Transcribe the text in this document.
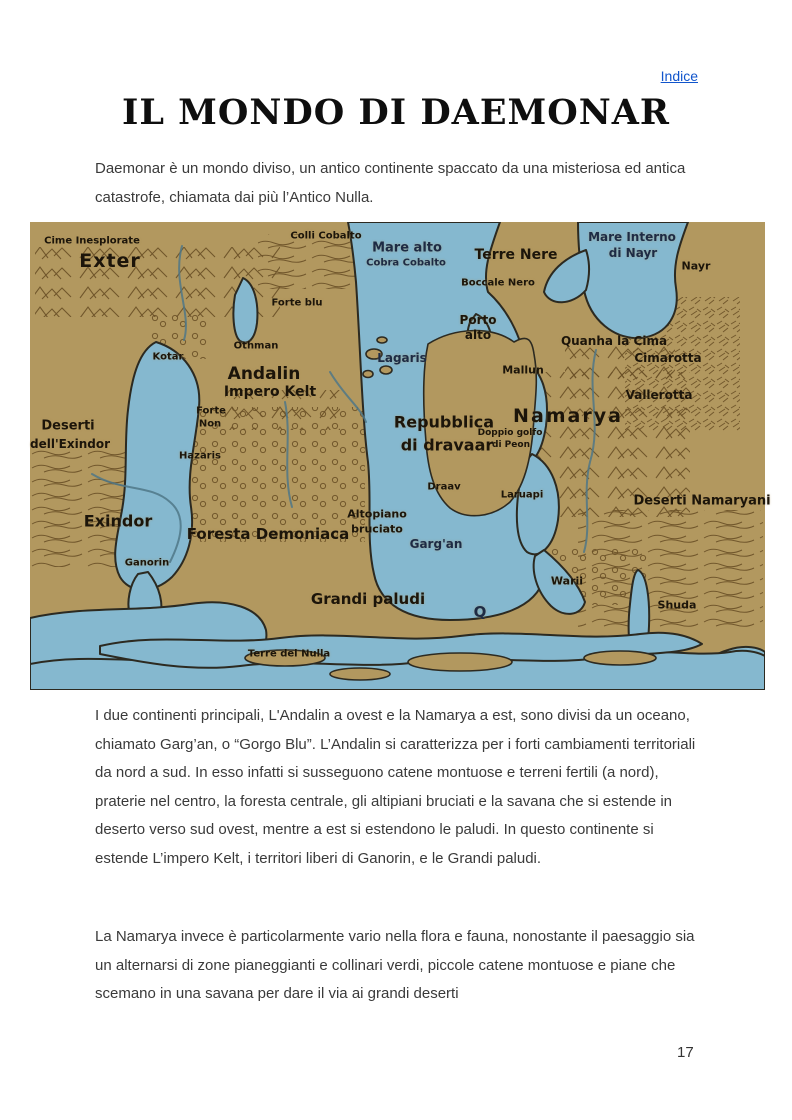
Indice
IL MONDO DI DAEMONAR

Daemonar è un mondo diviso, un antico continente spaccato da una misteriosa ed antica catastrofe, chiamata dai più l’Antico Nulla.

Cime Inesplorate
Exter
Colli Cobalto
Mare alto
Cobra Cobalto Terre Nere
Mare Interno
di Nayr
Nayr
Boccale Nero
Forte blu
Porto
alto
Othman
Kotar	Lagaris
Quanha la Cima
Cimarotta
Mallun
Andalin
Impero Kelt	Vallerotta
Forte
Non	Namarya
Repubblica
Deserti	Doppio golfo
dell'Exindor	di Peon
di dravaar
Hazaris
Draav
Laruapi	Deserti Namaryani
Altopiano
Exindor	bruciato
Foresta Demoniaca
Garg'an
Ganorin
Warii
Grandi paludi	Shuda
Q
Terre del Nulla

I due continenti principali, L'Andalin a ovest e la Namarya a est, sono divisi da un oceano, chiamato Garg’an, o “Gorgo Blu”. L’Andalin si caratterizza per i forti cambiamenti territoriali da nord a sud. In esso infatti si susseguono catene montuose e terreni fertili (a nord), praterie nel centro, la foresta centrale, gli altipiani bruciati e la savana che si estende in deserto verso sud ovest, mentre a est si estendono le paludi. In questo continente si estende L’impero Kelt, i territori liberi di Ganorin, e le Grandi paludi.

La Namarya invece è particolarmente vario nella flora e fauna, nonostante il paesaggio sia un alternarsi di zone pianeggianti e collinari verdi, piccole catene montuose e piane che scemano in una savana per dare il via ai grandi deserti

17
